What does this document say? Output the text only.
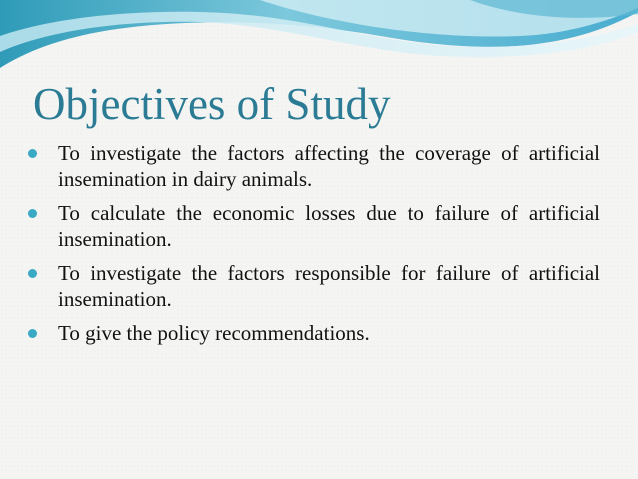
Objectives of Study
To investigate the factors affecting the coverage of artificial insemination in dairy animals.
To calculate the economic losses due to failure of artificial insemination.
To investigate the factors responsible for failure of artificial insemination.
To give the policy recommendations.
